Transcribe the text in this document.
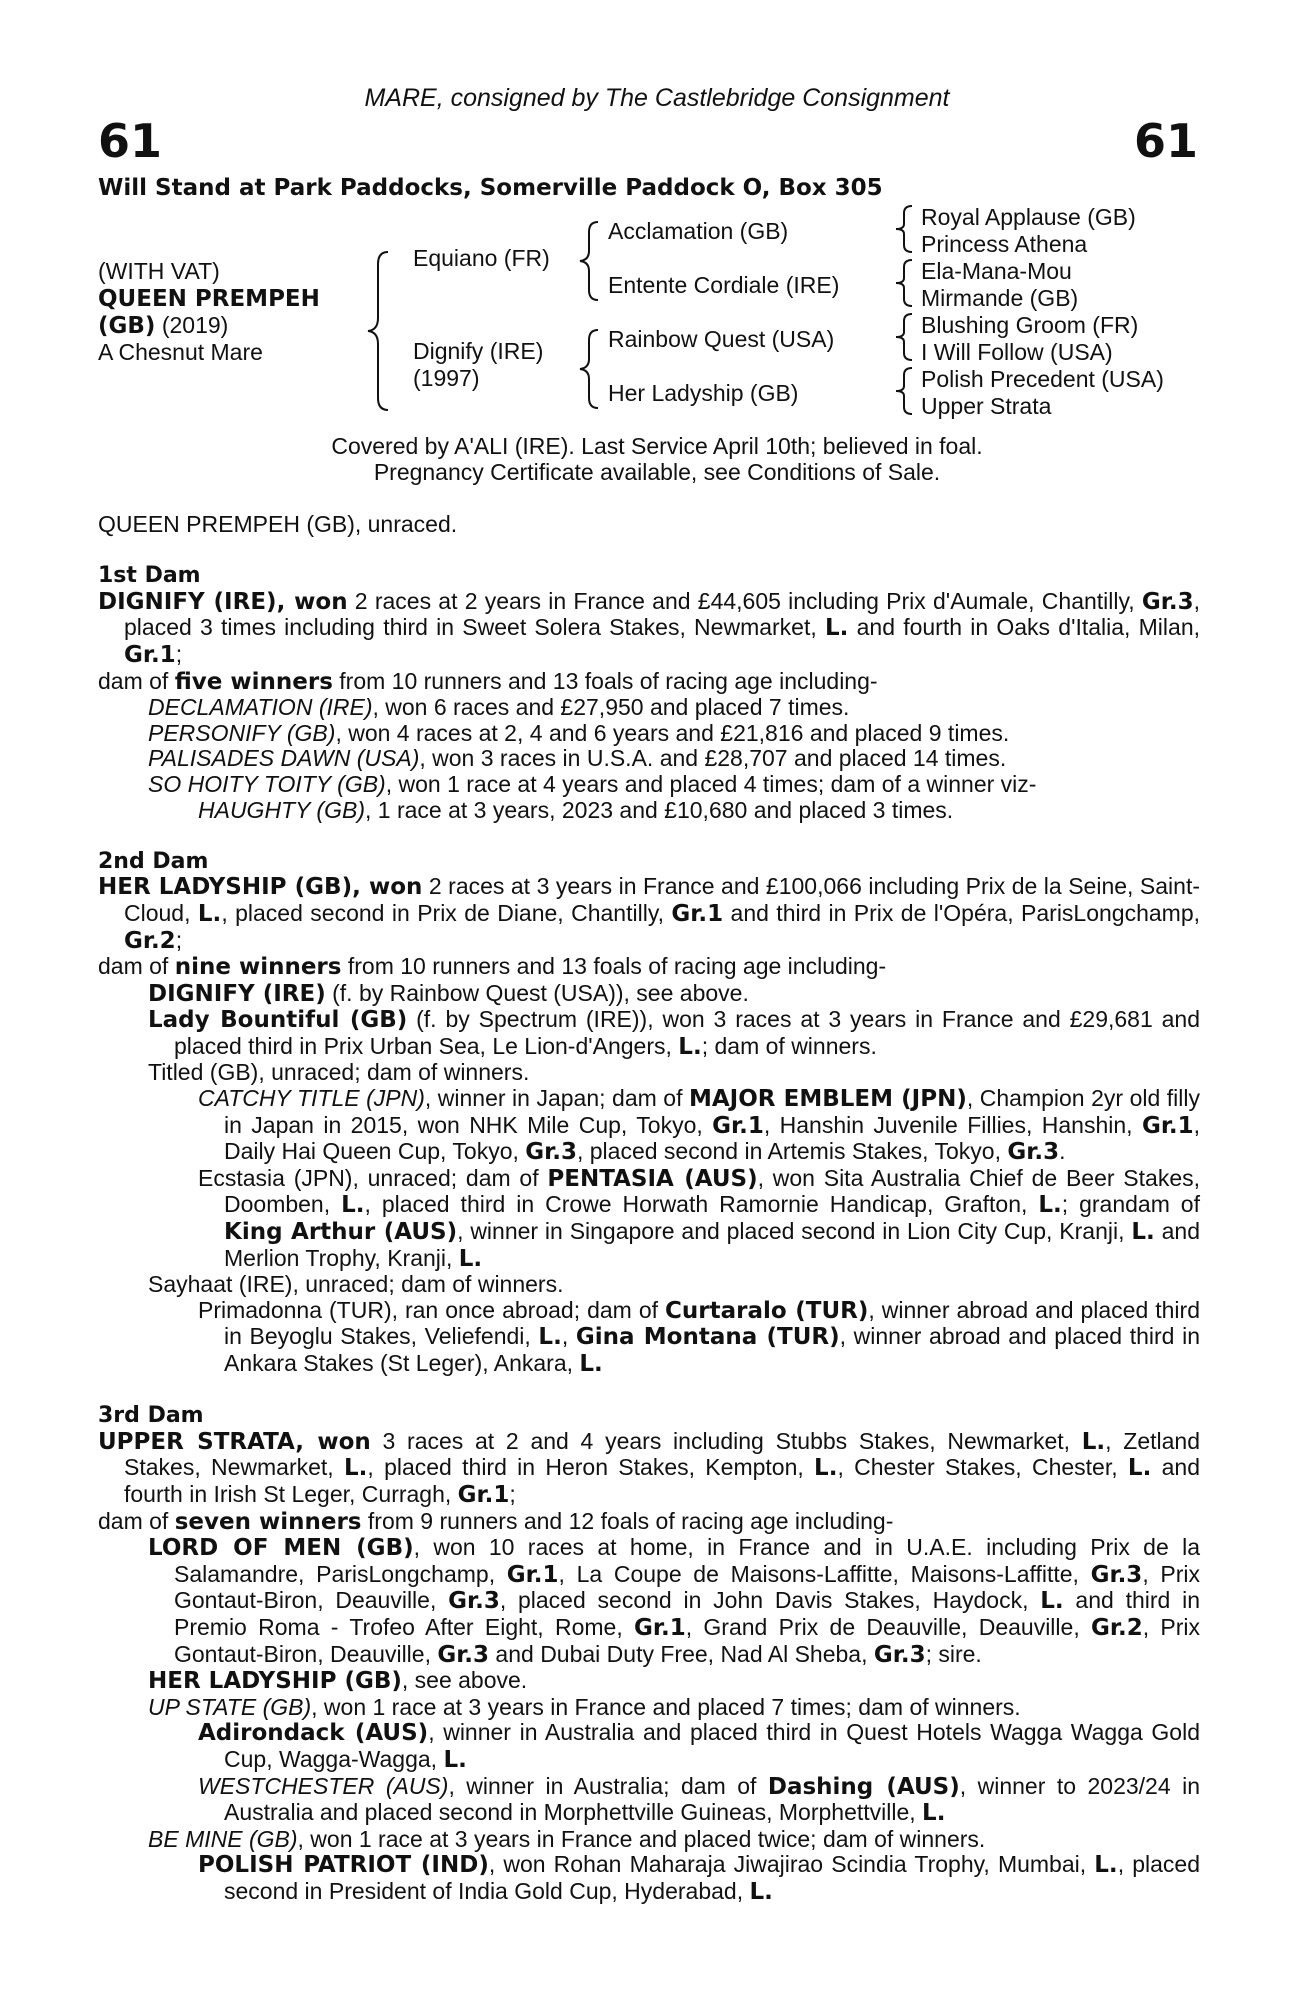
MARE, consigned by The Castlebridge Consignment
61	61
Will Stand at Park Paddocks, Somerville Paddock O, Box 305
(WITH VAT)
QUEEN PREMPEH
(GB) (2019)
A Chesnut Mare
Equiano (FR)
Dignify (IRE)
(1997)
Acclamation (GB)
Entente Cordiale (IRE)
Rainbow Quest (USA)
Her Ladyship (GB)
Royal Applause (GB)
Princess Athena
Ela-Mana-Mou
Mirmande (GB)
Blushing Groom (FR)
I Will Follow (USA)
Polish Precedent (USA)
Upper Strata
Covered by A'ALI (IRE). Last Service April 10th; believed in foal.
Pregnancy Certificate available, see Conditions of Sale.

QUEEN PREMPEH (GB), unraced.

1st Dam

DIGNIFY (IRE), won 2 races at 2 years in France and £44,605 including Prix d'Aumale, Chantilly, Gr.3, placed 3 times including third in Sweet Solera Stakes, Newmarket, L. and fourth in Oaks d'Italia, Milan, Gr.1;

dam of five winners from 10 runners and 13 foals of racing age including-

DECLAMATION (IRE), won 6 races and £27,950 and placed 7 times.

PERSONIFY (GB), won 4 races at 2, 4 and 6 years and £21,816 and placed 9 times.

PALISADES DAWN (USA), won 3 races in U.S.A. and £28,707 and placed 14 times.

SO HOITY TOITY (GB), won 1 race at 4 years and placed 4 times; dam of a winner viz-

HAUGHTY (GB), 1 race at 3 years, 2023 and £10,680 and placed 3 times.

2nd Dam

HER LADYSHIP (GB), won 2 races at 3 years in France and £100,066 including Prix de la Seine, Saint-Cloud, L., placed second in Prix de Diane, Chantilly, Gr.1 and third in Prix de l'Opéra, ParisLongchamp, Gr.2;

dam of nine winners from 10 runners and 13 foals of racing age including-

DIGNIFY (IRE) (f. by Rainbow Quest (USA)), see above.

Lady Bountiful (GB) (f. by Spectrum (IRE)), won 3 races at 3 years in France and £29,681 and placed third in Prix Urban Sea, Le Lion-d'Angers, L.; dam of winners.

Titled (GB), unraced; dam of winners.

CATCHY TITLE (JPN), winner in Japan; dam of MAJOR EMBLEM (JPN), Champion 2yr old filly in Japan in 2015, won NHK Mile Cup, Tokyo, Gr.1, Hanshin Juvenile Fillies, Hanshin, Gr.1, Daily Hai Queen Cup, Tokyo, Gr.3, placed second in Artemis Stakes, Tokyo, Gr.3.

Ecstasia (JPN), unraced; dam of PENTASIA (AUS), won Sita Australia Chief de Beer Stakes, Doomben, L., placed third in Crowe Horwath Ramornie Handicap, Grafton, L.; grandam of King Arthur (AUS), winner in Singapore and placed second in Lion City Cup, Kranji, L. and Merlion Trophy, Kranji, L.

Sayhaat (IRE), unraced; dam of winners.

Primadonna (TUR), ran once abroad; dam of Curtaralo (TUR), winner abroad and placed third in Beyoglu Stakes, Veliefendi, L., Gina Montana (TUR), winner abroad and placed third in Ankara Stakes (St Leger), Ankara, L.

3rd Dam

UPPER STRATA, won 3 races at 2 and 4 years including Stubbs Stakes, Newmarket, L., Zetland Stakes, Newmarket, L., placed third in Heron Stakes, Kempton, L., Chester Stakes, Chester, L. and fourth in Irish St Leger, Curragh, Gr.1;

dam of seven winners from 9 runners and 12 foals of racing age including-

LORD OF MEN (GB), won 10 races at home, in France and in U.A.E. including Prix de la Salamandre, ParisLongchamp, Gr.1, La Coupe de Maisons-Laffitte, Maisons-Laffitte, Gr.3, Prix Gontaut-Biron, Deauville, Gr.3, placed second in John Davis Stakes, Haydock, L. and third in Premio Roma - Trofeo After Eight, Rome, Gr.1, Grand Prix de Deauville, Deauville, Gr.2, Prix Gontaut-Biron, Deauville, Gr.3 and Dubai Duty Free, Nad Al Sheba, Gr.3; sire.

HER LADYSHIP (GB), see above.

UP STATE (GB), won 1 race at 3 years in France and placed 7 times; dam of winners.

Adirondack (AUS), winner in Australia and placed third in Quest Hotels Wagga Wagga Gold Cup, Wagga-Wagga, L.

WESTCHESTER (AUS), winner in Australia; dam of Dashing (AUS), winner to 2023/24 in Australia and placed second in Morphettville Guineas, Morphettville, L.

BE MINE (GB), won 1 race at 3 years in France and placed twice; dam of winners.

POLISH PATRIOT (IND), won Rohan Maharaja Jiwajirao Scindia Trophy, Mumbai, L., placed second in President of India Gold Cup, Hyderabad, L.
